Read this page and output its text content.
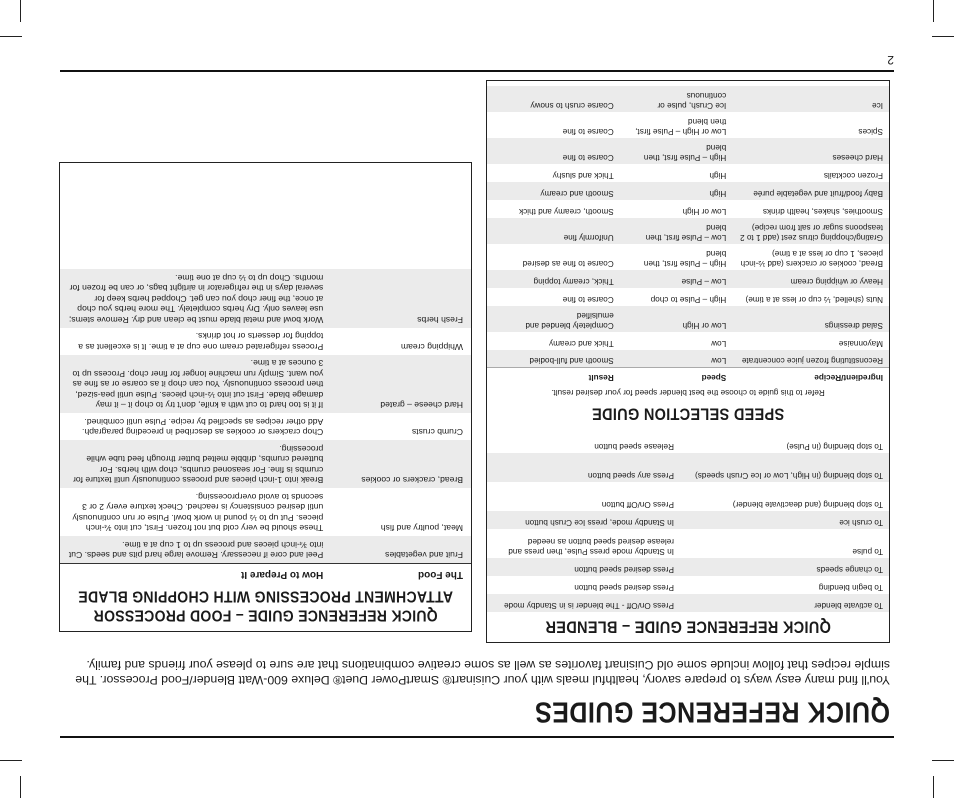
2
QUICK REFERENCE GUIDES

You'll find many easy ways to prepare savory, healthful meals with your Cuisinart® SmartPower Duet® Deluxe 600-Watt Blender/Food Processor. The simple recipes that follow include some old Cuisinart favorites as well as some creative combinations that are sure to please your friends and family.

QUICK REFERENCE GUIDE – BLENDER
To activate blender	Press On/Off - The blender is in Standby mode
To begin blending	Press desired speed button
To change speeds	Press desired speed button
To pulse	In Standby mode press Pulse, then press and release desired speed button as needed
To crush ice	In Standby mode, press Ice Crush button
To stop blending (and deactivate blender)	Press On/Off button
To stop blending (in High, Low or Ice Crush speeds)	Press any speed button
To stop blending (in Pulse)	Release speed button
SPEED SELECTION GUIDE

Refer to this guide to choose the best blender speed for your desired result.

Ingredient/Recipe	Speed	Result
Reconstituting frozen juice concentrate	Low	Smooth and full-bodied
Mayonnaise	Low	Thick and creamy
Salad dressings	Low or High	Completely blended and emulsified
Nuts (shelled, ½ cup or less at a time)	High – Pulse to chop	Coarse to fine
Heavy or whipping cream	Low – Pulse	Thick, creamy topping
Bread, cookies or crackers (add ½-inch pieces, 1 cup or less at a time)	High – Pulse first, then blend	Coarse to fine as desired
Grating/chopping citrus zest (add 1 to 2 teaspoons sugar or salt from recipe)	Low – Pulse first, then blend	Uniformly fine
Smoothies, shakes, health drinks	Low or High	Smooth, creamy and thick
Baby food/fruit and vegetable purée	High	Smooth and creamy
Frozen cocktails	High	Thick and slushy
Hard cheeses	High – Pulse first, then blend	Coarse to fine
Spices	Low or High – Pulse first, then blend	Coarse to fine
Ice	Ice Crush, pulse or continuous	Coarse crush to snowy
QUICK REFERENCE GUIDE – FOOD PROCESSOR ATTACHMENT PROCESSING WITH CHOPPING BLADE
The Food	How to Prepare It
Fruit and vegetables	Peel and core if necessary. Remove large hard pits and seeds. Cut into ¾-inch pieces and process up to 1 cup at a time.
Meat, poultry and fish	These should be very cold but not frozen. First, cut into ¾-inch pieces. Put up to ½ pound in work bowl. Pulse or run continuously until desired consistency is reached. Check texture every 2 or 3 seconds to avoid overprocessing.
Bread, crackers or cookies	Break into 1-inch pieces and process continuously until texture for crumbs is fine. For seasoned crumbs, chop with herbs. For buttered crumbs, dribble melted butter through feed tube while processing.
Crumb crusts	Chop crackers or cookies as described in preceding paragraph. Add other recipes as specified by recipe. Pulse until combined.
Hard cheese – grated	If it is too hard to cut with a knife, don't try to chop it – it may damage blade. First cut into ½-inch pieces. Pulse until pea-sized, then process continuously. You can chop it as coarse or as fine as you want. Simply run machine longer for finer chop. Process up to 3 ounces at a time.
Whipping cream	Process refrigerated cream one cup at a time. It is excellent as a topping for desserts or hot drinks.
Fresh herbs	Work bowl and metal blade must be clean and dry. Remove stems; use leaves only. Dry herbs completely. The more herbs you chop at once, the finer chop you can get. Chopped herbs keep for several days in the refrigerator in airtight bags, or can be frozen for months. Chop up to ½ cup at one time.
